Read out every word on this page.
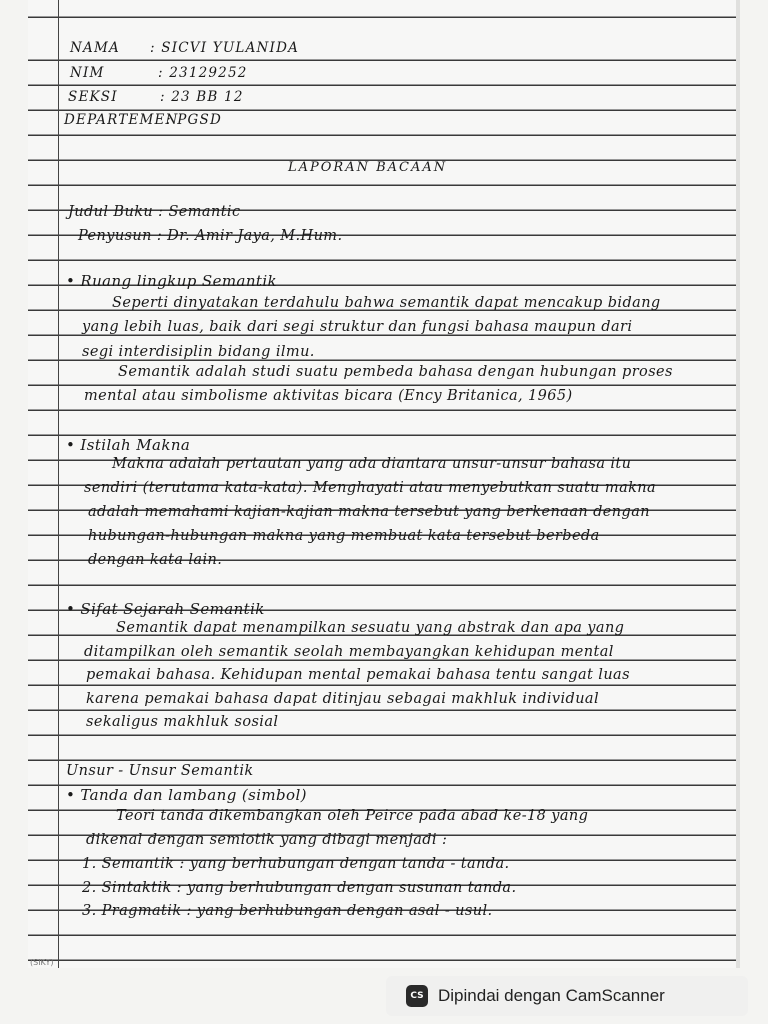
NAMA : SICVI YULANIDA
NIM	: 23129252
SEKSI	: 23 BB 12
DEPARTEMEN
: PGSD
LAPORAN BACAAN
Judul Buku : Semantic
Penyusun : Dr. Amir Jaya, M.Hum.
• Ruang lingkup Semantik
Seperti dinyatakan terdahulu bahwa semantik dapat mencakup bidang
yang lebih luas, baik dari segi struktur dan fungsi bahasa maupun dari
segi interdisiplin bidang ilmu.
Semantik adalah studi suatu pembeda bahasa dengan hubungan proses
mental atau simbolisme aktivitas bicara (Ency Britanica, 1965)
• Istilah Makna
Makna adalah pertautan yang ada diantara unsur-unsur bahasa itu
sendiri (terutama kata-kata). Menghayati atau menyebutkan suatu makna
adalah memahami kajian-kajian makna tersebut yang berkenaan dengan
hubungan-hubungan makna yang membuat kata tersebut berbeda
dengan kata lain.
• Sifat Sejarah Semantik
Semantik dapat menampilkan sesuatu yang abstrak dan apa yang
ditampilkan oleh semantik seolah membayangkan kehidupan mental
pemakai bahasa. Kehidupan mental pemakai bahasa tentu sangat luas
karena pemakai bahasa dapat ditinjau sebagai makhluk individual
sekaligus makhluk sosial
Unsur - Unsur Semantik
• Tanda dan lambang (simbol)
Teori tanda dikembangkan oleh Peirce pada abad ke-18 yang
dikenal dengan semiotik yang dibagi menjadi :
1. Semantik : yang berhubungan dengan tanda - tanda.
2. Sintaktik : yang berhubungan dengan susunan tanda.
3. Pragmatik : yang berhubungan dengan asal - usul.
(SIKY)
CS Dipindai dengan CamScanner
